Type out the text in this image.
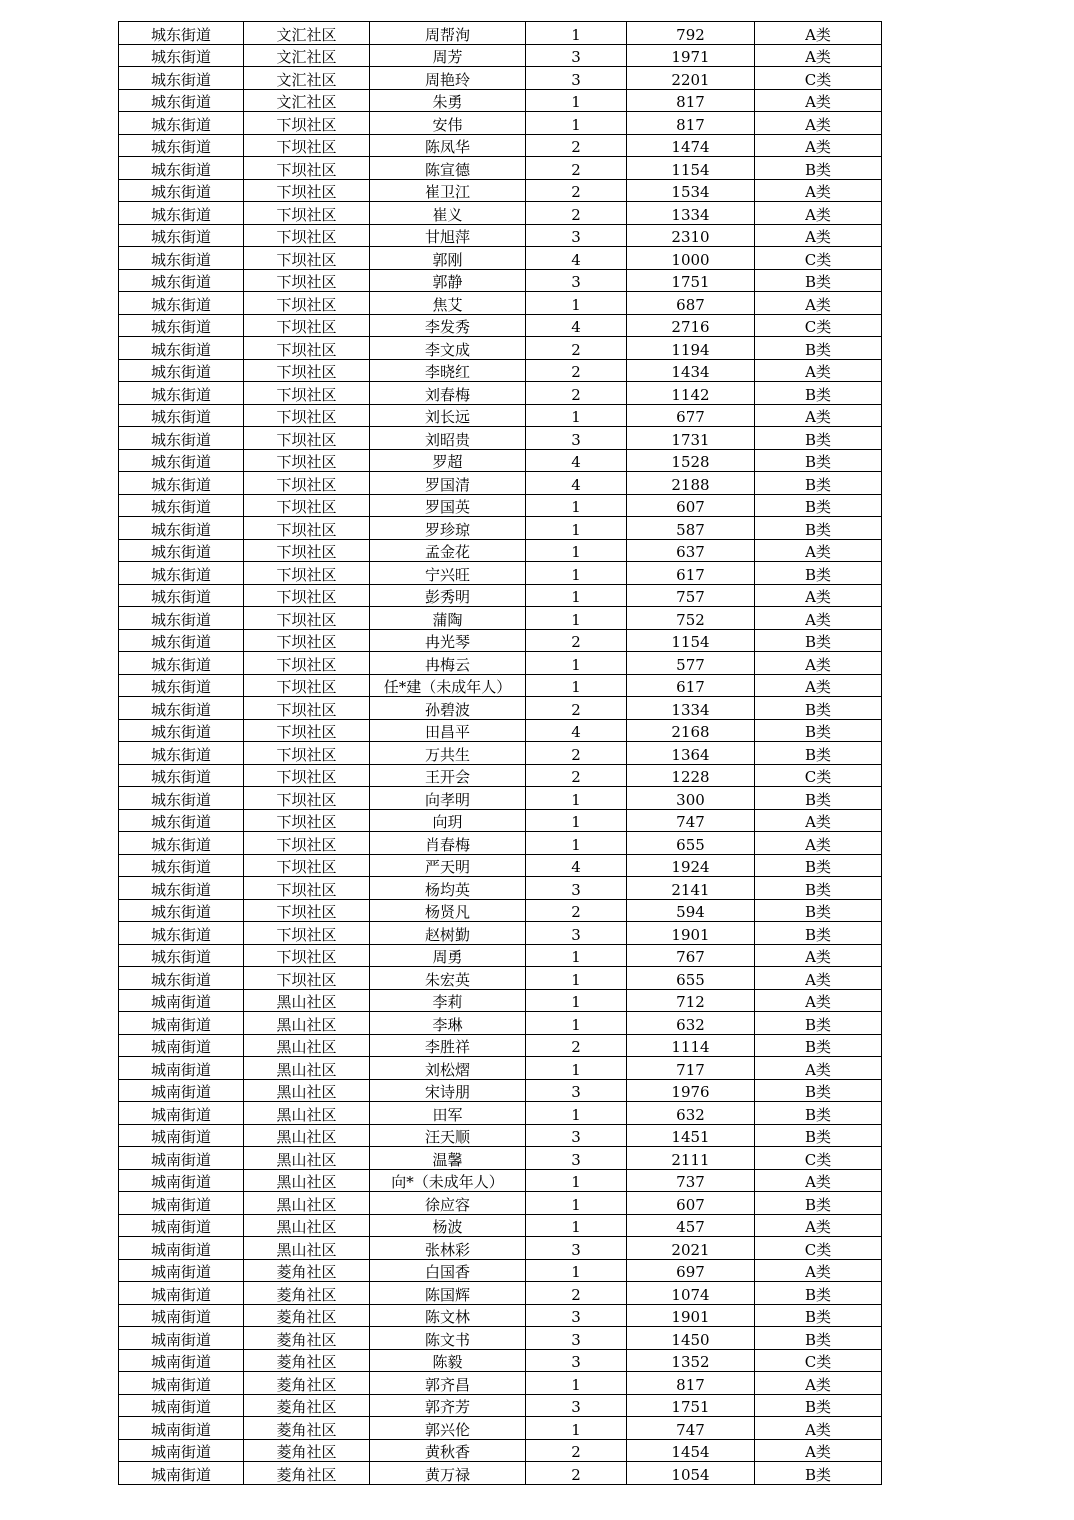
城东街道	文汇社区	周帮洵	1	792	A类
城东街道	文汇社区	周芳	3	1971	A类
城东街道	文汇社区	周艳玲	3	2201	C类
城东街道	文汇社区	朱勇	1	817	A类
城东街道	下坝社区	安伟	1	817	A类
城东街道	下坝社区	陈凤华	2	1474	A类
城东街道	下坝社区	陈宣德	2	1154	B类
城东街道	下坝社区	崔卫江	2	1534	A类
城东街道	下坝社区	崔义	2	1334	A类
城东街道	下坝社区	甘旭萍	3	2310	A类
城东街道	下坝社区	郭刚	4	1000	C类
城东街道	下坝社区	郭静	3	1751	B类
城东街道	下坝社区	焦艾	1	687	A类
城东街道	下坝社区	李发秀	4	2716	C类
城东街道	下坝社区	李文成	2	1194	B类
城东街道	下坝社区	李晓红	2	1434	A类
城东街道	下坝社区	刘春梅	2	1142	B类
城东街道	下坝社区	刘长远	1	677	A类
城东街道	下坝社区	刘昭贵	3	1731	B类
城东街道	下坝社区	罗超	4	1528	B类
城东街道	下坝社区	罗国清	4	2188	B类
城东街道	下坝社区	罗国英	1	607	B类
城东街道	下坝社区	罗珍琼	1	587	B类
城东街道	下坝社区	孟金花	1	637	A类
城东街道	下坝社区	宁兴旺	1	617	B类
城东街道	下坝社区	彭秀明	1	757	A类
城东街道	下坝社区	蒲陶	1	752	A类
城东街道	下坝社区	冉光琴	2	1154	B类
城东街道	下坝社区	冉梅云	1	577	A类
城东街道	下坝社区	任*建（未成年人）	1	617	A类
城东街道	下坝社区	孙碧波	2	1334	B类
城东街道	下坝社区	田昌平	4	2168	B类
城东街道	下坝社区	万共生	2	1364	B类
城东街道	下坝社区	王开会	2	1228	C类
城东街道	下坝社区	向孝明	1	300	B类
城东街道	下坝社区	向玥	1	747	A类
城东街道	下坝社区	肖春梅	1	655	A类
城东街道	下坝社区	严天明	4	1924	B类
城东街道	下坝社区	杨均英	3	2141	B类
城东街道	下坝社区	杨贤凡	2	594	B类
城东街道	下坝社区	赵树勤	3	1901	B类
城东街道	下坝社区	周勇	1	767	A类
城东街道	下坝社区	朱宏英	1	655	A类
城南街道	黑山社区	李莉	1	712	A类
城南街道	黑山社区	李琳	1	632	B类
城南街道	黑山社区	李胜祥	2	1114	B类
城南街道	黑山社区	刘松熠	1	717	A类
城南街道	黑山社区	宋诗朋	3	1976	B类
城南街道	黑山社区	田军	1	632	B类
城南街道	黑山社区	汪天顺	3	1451	B类
城南街道	黑山社区	温馨	3	2111	C类
城南街道	黑山社区	向*（未成年人）	1	737	A类
城南街道	黑山社区	徐应容	1	607	B类
城南街道	黑山社区	杨波	1	457	A类
城南街道	黑山社区	张林彩	3	2021	C类
城南街道	菱角社区	白国香	1	697	A类
城南街道	菱角社区	陈国辉	2	1074	B类
城南街道	菱角社区	陈文林	3	1901	B类
城南街道	菱角社区	陈文书	3	1450	B类
城南街道	菱角社区	陈毅	3	1352	C类
城南街道	菱角社区	郭齐昌	1	817	A类
城南街道	菱角社区	郭齐芳	3	1751	B类
城南街道	菱角社区	郭兴伦	1	747	A类
城南街道	菱角社区	黄秋香	2	1454	A类
城南街道	菱角社区	黄万禄	2	1054	B类
